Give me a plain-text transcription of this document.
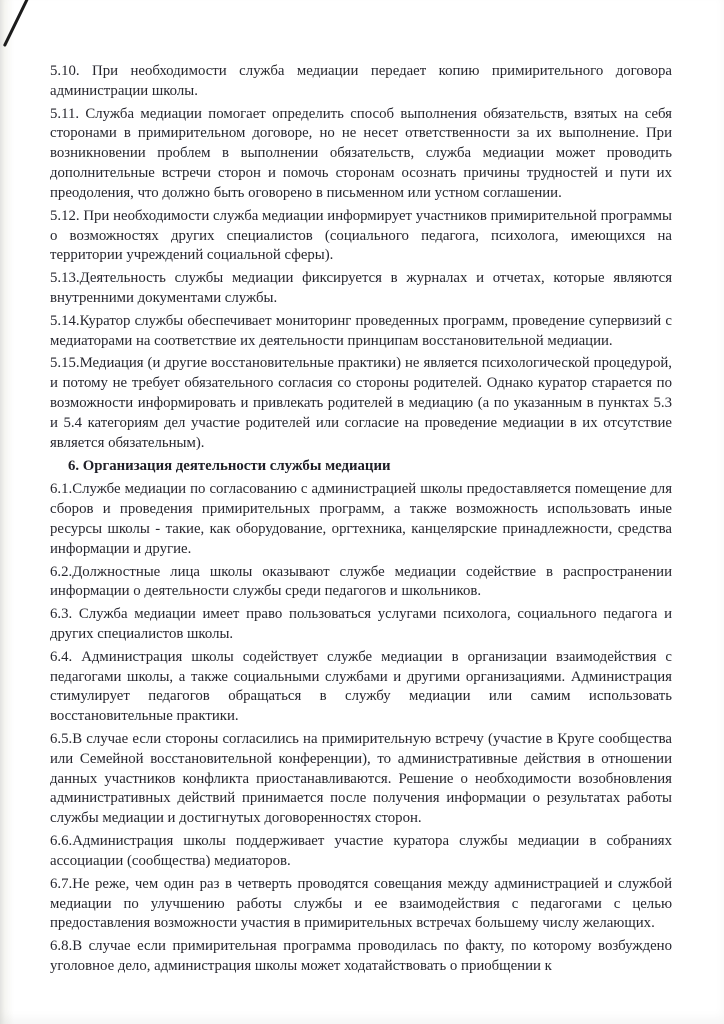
5.10. При необходимости служба медиации передает копию примирительного договора администрации школы.

5.11. Служба медиации помогает определить способ выполнения обязательств, взятых на себя сторонами в примирительном договоре, но не несет ответственности за их выполнение. При возникновении проблем в выполнении обязательств, служба медиации может проводить дополнительные встречи сторон и помочь сторонам осознать причины трудностей и пути их преодоления, что должно быть оговорено в письменном или устном соглашении.

5.12. При необходимости служба медиации информирует участников примирительной программы о возможностях других специалистов (социального педагога, психолога, имеющихся на территории учреждений социальной сферы).

5.13.Деятельность службы медиации фиксируется в журналах и отчетах, которые являются внутренними документами службы.

5.14.Куратор службы обеспечивает мониторинг проведенных программ, проведение супервизий с медиаторами на соответствие их деятельности принципам восстановительной медиации.

5.15.Медиация (и другие восстановительные практики) не является психологической процедурой, и потому не требует обязательного согласия со стороны родителей. Однако куратор старается по возможности информировать и привлекать родителей в медиацию (а по указанным в пунктах 5.3 и 5.4 категориям дел участие родителей или согласие на проведение медиации в их отсутствие является обязательным).

6. Организация деятельности службы медиации

6.1.Службе медиации по согласованию с администрацией школы предоставляется помещение для сборов и проведения примирительных программ, а также возможность использовать иные ресурсы школы - такие, как оборудование, оргтехника, канцелярские принадлежности, средства информации и другие.

6.2.Должностные лица школы оказывают службе медиации содействие в распространении информации о деятельности службы среди педагогов и школьников.

6.3. Служба медиации имеет право пользоваться услугами психолога, социального педагога и других специалистов школы.

6.4. Администрация школы содействует службе медиации в организации взаимодействия с педагогами школы, а также социальными службами и другими организациями. Администрация стимулирует педагогов обращаться в службу медиации или самим использовать восстановительные практики.

6.5.В случае если стороны согласились на примирительную встречу (участие в Круге сообщества или Семейной восстановительной конференции), то административные действия в отношении данных участников конфликта приостанавливаются. Решение о необходимости возобновления административных действий принимается после получения информации о результатах работы службы медиации и достигнутых договоренностях сторон.

6.6.Администрация школы поддерживает участие куратора службы медиации в собраниях ассоциации (сообщества) медиаторов.

6.7.Не реже, чем один раз в четверть проводятся совещания между администрацией и службой медиации по улучшению работы службы и ее взаимодействия с педагогами с целью предоставления возможности участия в примирительных встречах большему числу желающих.

6.8.В случае если примирительная программа проводилась по факту, по которому возбуждено уголовное дело, администрация школы может ходатайствовать о приобщении к
